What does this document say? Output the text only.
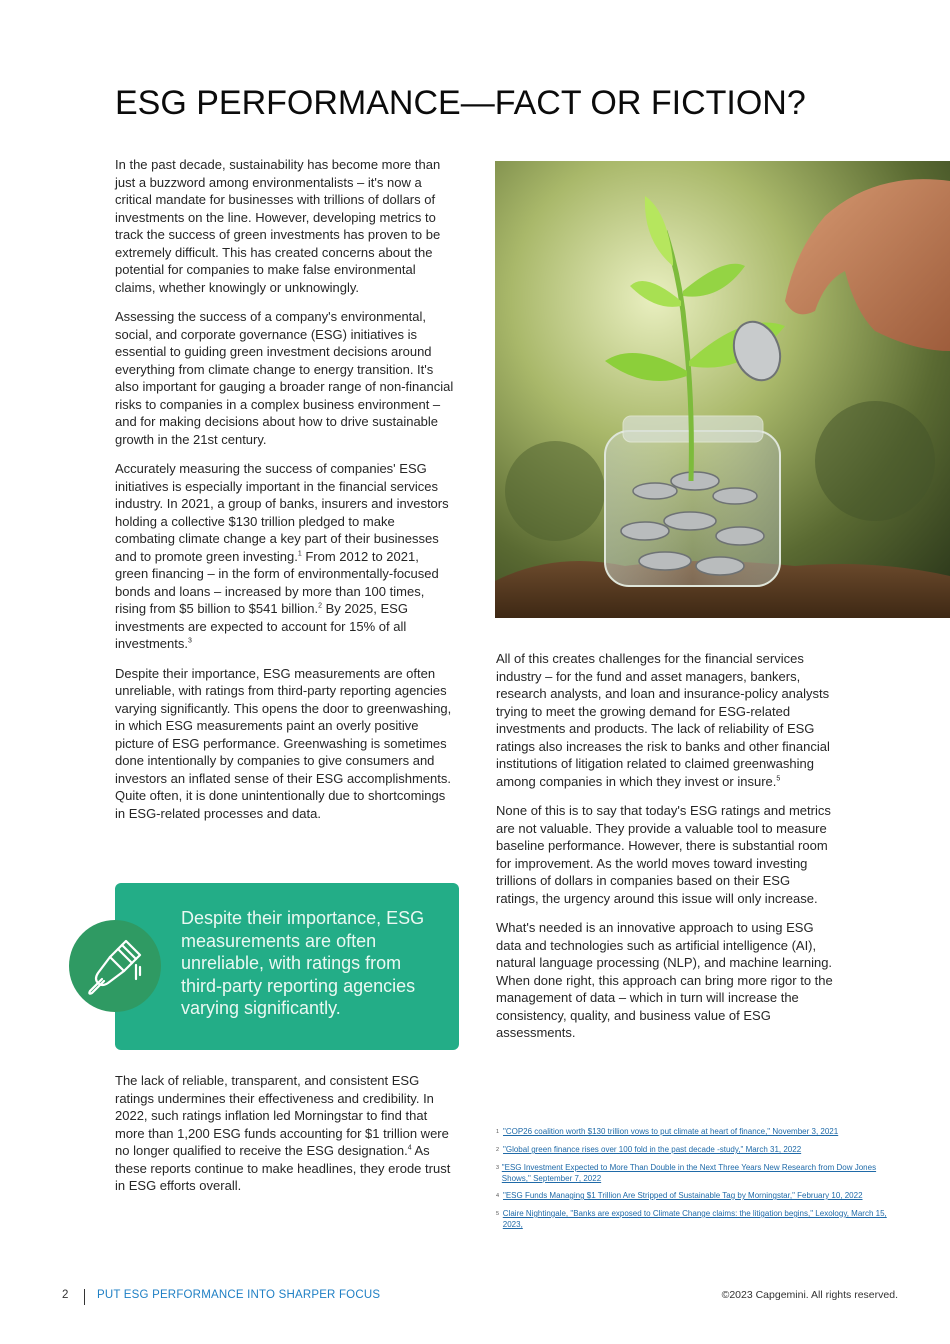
ESG PERFORMANCE—FACT OR FICTION?

In the past decade, sustainability has become more than just a buzzword among environmentalists – it's now a critical mandate for businesses with trillions of dollars of investments on the line. However, developing metrics to track the success of green investments has proven to be extremely difficult. This has created concerns about the potential for companies to make false environmental claims, whether knowingly or unknowingly.

Assessing the success of a company's environmental, social, and corporate governance (ESG) initiatives is essential to guiding green investment decisions around everything from climate change to energy transition. It's also important for gauging a broader range of non-financial risks to companies in a complex business environment – and for making decisions about how to drive sustainable growth in the 21st century.

Accurately measuring the success of companies' ESG initiatives is especially important in the financial services industry. In 2021, a group of banks, insurers and investors holding a collective $130 trillion pledged to make combating climate change a key part of their businesses and to promote green investing.$^1$ From 2012 to 2021, green financing – in the form of environmentally-focused bonds and loans – increased by more than 100 times, rising from $5 billion to $541 billion.$^2$ By 2025, ESG investments are expected to account for 15% of all investments.$^3$

Despite their importance, ESG measurements are often unreliable, with ratings from third-party reporting agencies varying significantly. This opens the door to greenwashing, in which ESG measurements paint an overly positive picture of ESG performance. Greenwashing is sometimes done intentionally by companies to give consumers and investors an inflated sense of their ESG accomplishments. Quite often, it is done unintentionally due to shortcomings in ESG-related processes and data.

Despite their importance, ESG measurements are often unreliable, with ratings from third-party reporting agencies varying significantly.

The lack of reliable, transparent, and consistent ESG ratings undermines their effectiveness and credibility. In 2022, such ratings inflation led Morningstar to find that more than 1,200 ESG funds accounting for $1 trillion were no longer qualified to receive the ESG designation.$^4$ As these reports continue to make headlines, they erode trust in ESG efforts overall.

All of this creates challenges for the financial services industry – for the fund and asset managers, bankers, research analysts, and loan and insurance-policy analysts trying to meet the growing demand for ESG-related investments and products. The lack of reliability of ESG ratings also increases the risk to banks and other financial institutions of litigation related to claimed greenwashing among companies in which they invest or insure.$^5$

None of this is to say that today's ESG ratings and metrics are not valuable. They provide a valuable tool to measure baseline performance. However, there is substantial room for improvement. As the world moves toward investing trillions of dollars in companies based on their ESG ratings, the urgency around this issue will only increase.

What's needed is an innovative approach to using ESG data and technologies such as artificial intelligence (AI), natural language processing (NLP), and machine learning. When done right, this approach can bring more rigor to the management of data – which in turn will increase the consistency, quality, and business value of ESG assessments.

1 "COP26 coalition worth $130 trillion vows to put climate at heart of finance," November 3, 2021
2 "Global green finance rises over 100 fold in the past decade -study," March 31, 2022
3 "ESG Investment Expected to More Than Double in the Next Three Years New Research from Dow Jones Shows," September 7, 2022
4 "ESG Funds Managing $1 Trillion Are Stripped of Sustainable Tag by Morningstar," February 10, 2022
5 Claire Nightingale, "Banks are exposed to Climate Change claims: the litigation begins," Lexology, March 15, 2023,
2 PUT ESG PERFORMANCE INTO SHARPER FOCUS	©2023 Capgemini. All rights reserved.
